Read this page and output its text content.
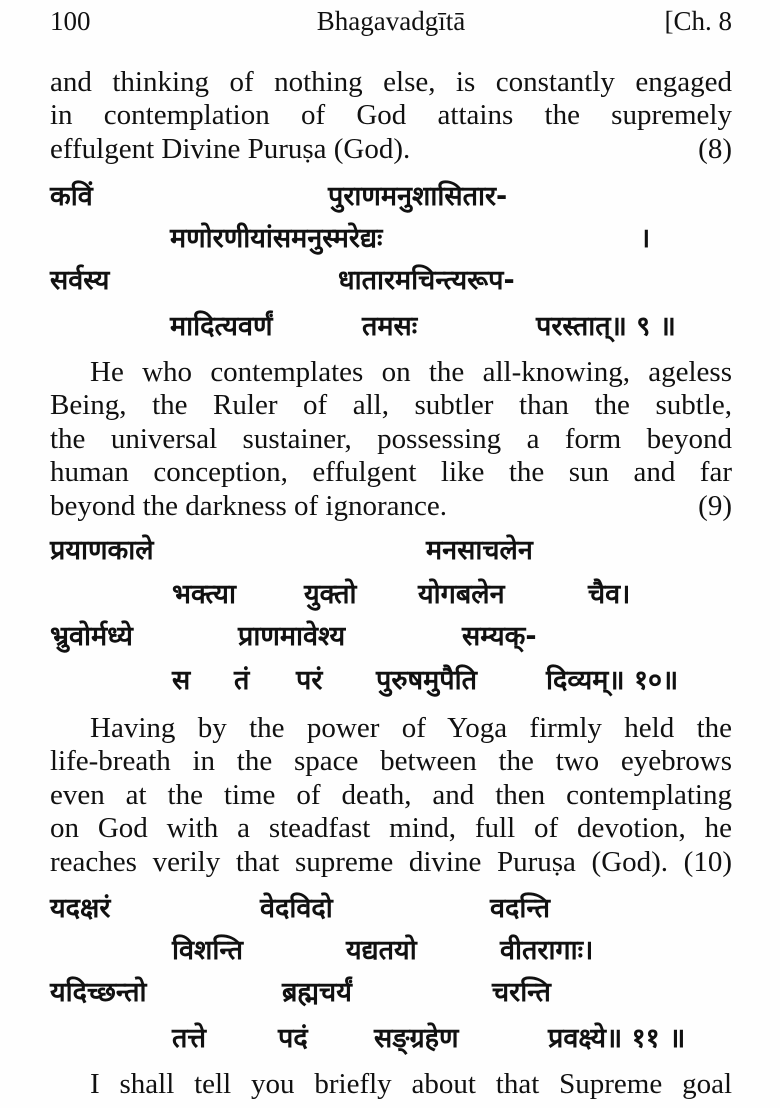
100	Bhagavadgītā	[Ch. 8
and thinking of nothing else, is constantly engaged
in contemplation of God attains the supremely
effulgent Divine Puruṣa (God).	(8)
कविं	पुराणमनुशासितार-
मणोरणीयांसमनुस्मरेद्यः	।
सर्वस्य	धातारमचिन्त्यरूप-
मादित्यवर्णं	तमसः	परस्तात्॥ ९ ॥
He who contemplates on the all-knowing, ageless
Being, the Ruler of all, subtler than the subtle,
the universal sustainer, possessing a form beyond
human conception, effulgent like the sun and far
beyond the darkness of ignorance.	(9)
प्रयाणकाले	मनसाचलेन
भक्त्या	युक्तो योगबलेन	चैव।
भ्रुवोर्मध्ये	प्राणमावेश्य	सम्यक्-
स तं परं पुरुषमुपैति	दिव्यम्॥ १०॥
Having by the power of Yoga firmly held the
life-breath in the space between the two eyebrows
even at the time of death, and then contemplating
on God with a steadfast mind, full of devotion, he
reaches verily that supreme divine Puruṣa (God). (10)
यदक्षरं	वेदविदो	वदन्ति
विशन्ति	यद्यतयो	वीतरागाः।
यदिच्छन्तो	ब्रह्मचर्यं	चरन्ति
तत्ते	पदं सङ्ग्रहेण	प्रवक्ष्ये॥ ११ ॥
I shall tell you briefly about that Supreme goal
